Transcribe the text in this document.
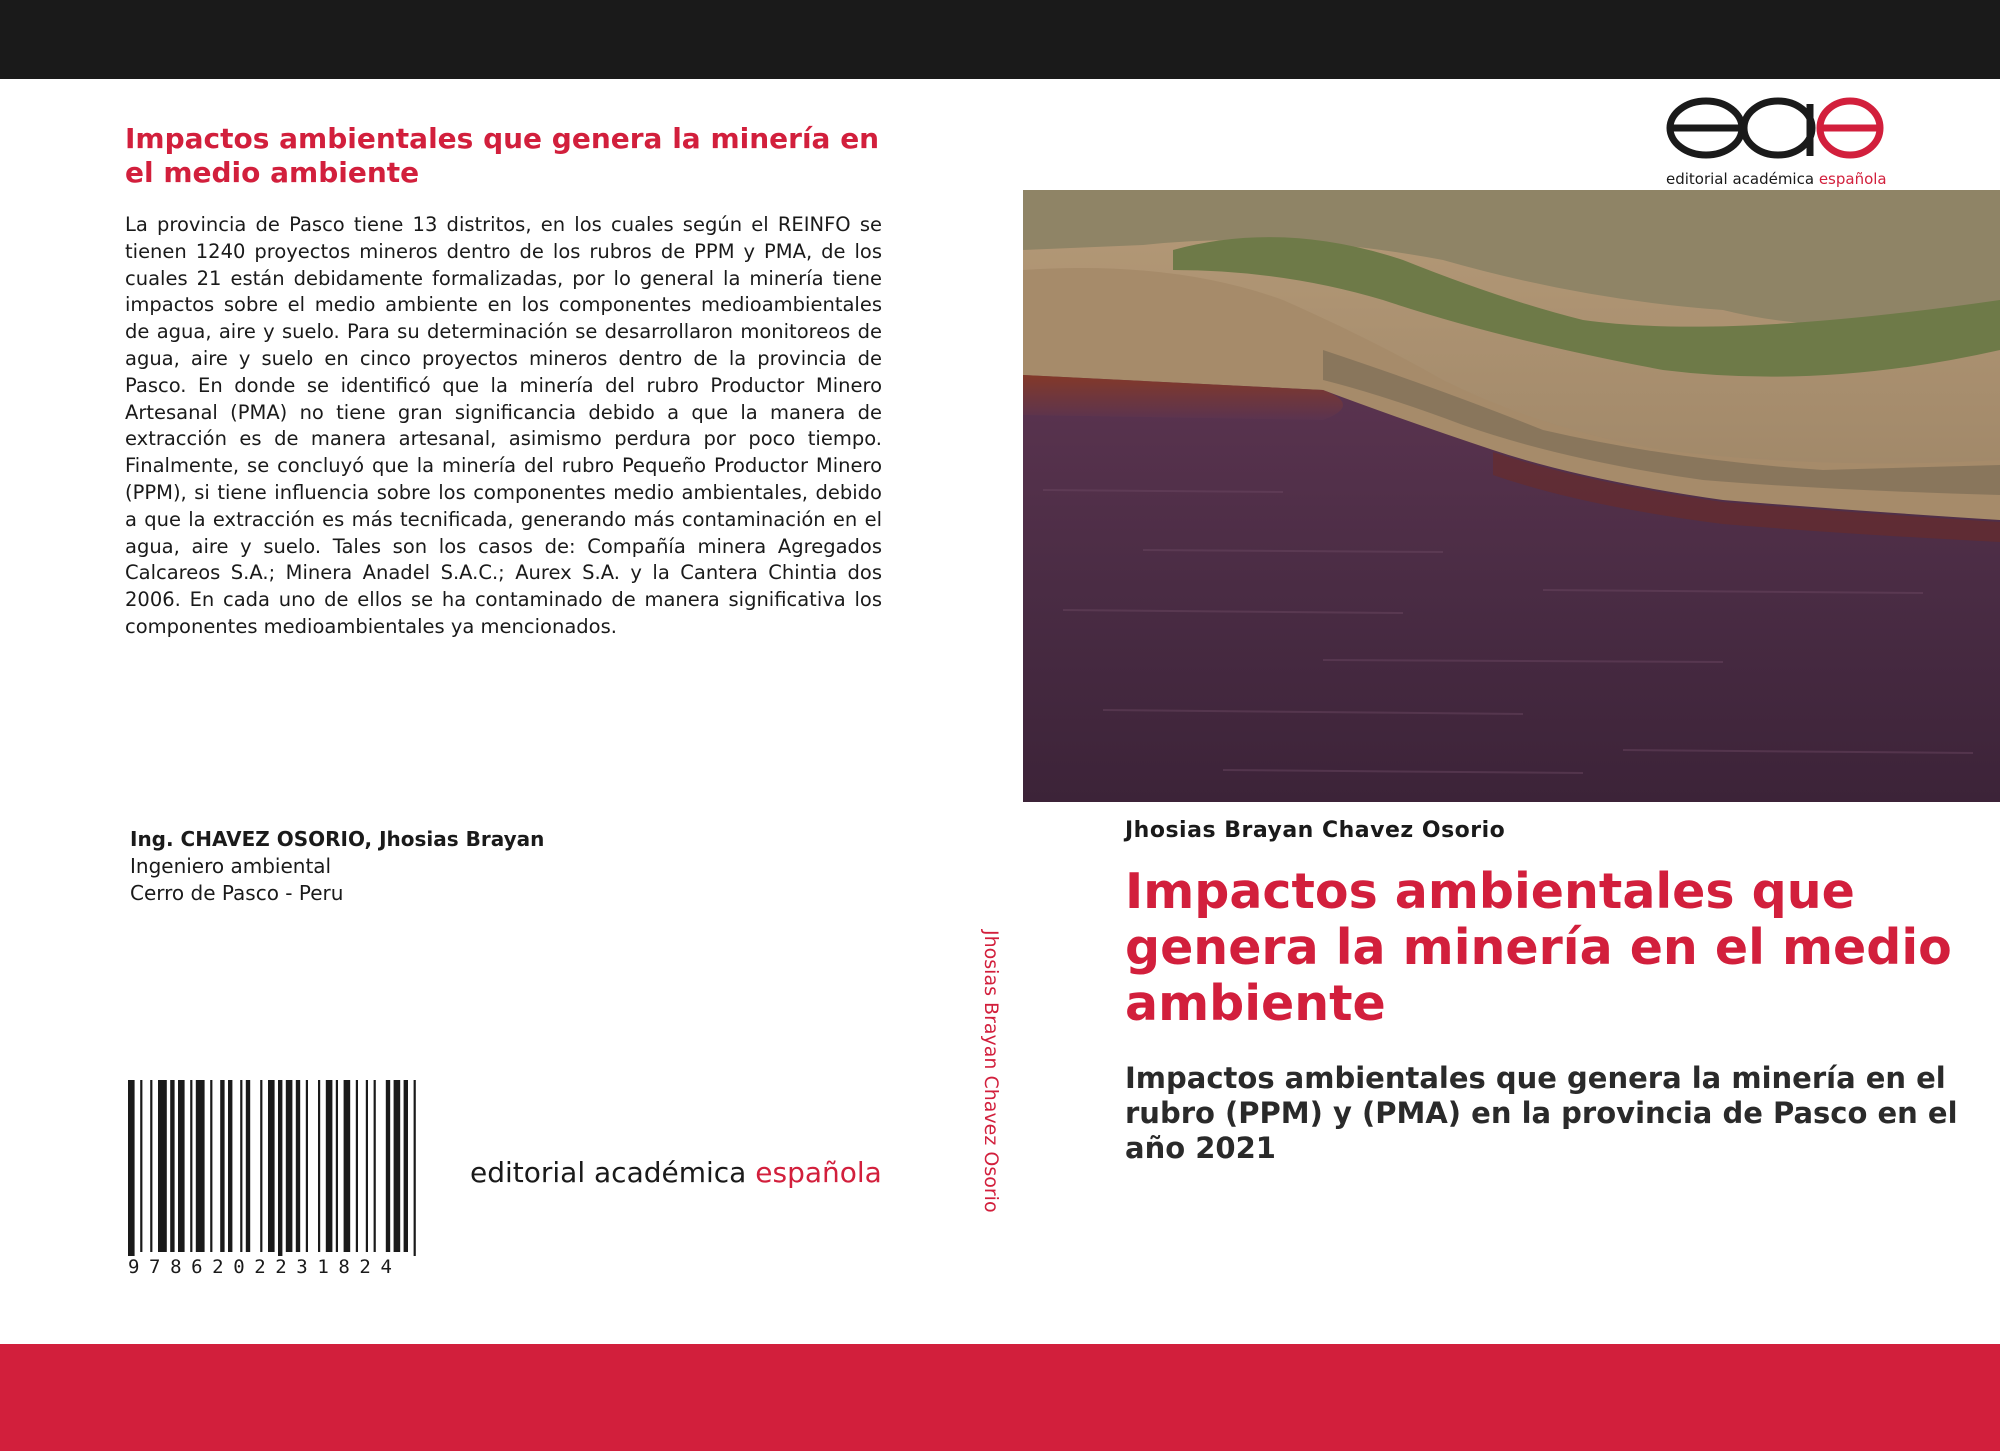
Impactos ambientales que genera la minería en el medio ambiente

La provincia de Pasco tiene 13 distritos, en los cuales según el REINFO se tienen 1240 proyectos mineros dentro de los rubros de PPM y PMA, de los cuales 21 están debidamente formalizadas, por lo general la minería tiene impactos sobre el medio ambiente en los componentes medioambientales de agua, aire y suelo. Para su determinación se desarrollaron monitoreos de agua, aire y suelo en cinco proyectos mineros dentro de la provincia de Pasco. En donde se identificó que la minería del rubro Productor Minero Artesanal (PMA) no tiene gran significancia debido a que la manera de extracción es de manera artesanal, asimismo perdura por poco tiempo. Finalmente, se concluyó que la minería del rubro Pequeño Productor Minero (PPM), si tiene influencia sobre los componentes medio ambientales, debido a que la extracción es más tecnificada, generando más contaminación en el agua, aire y suelo. Tales son los casos de: Compañía minera Agregados Calcareos S.A.; Minera Anadel S.A.C.; Aurex S.A. y la Cantera Chintia dos 2006. En cada uno de ellos se ha contaminado de manera significativa los componentes medioambientales ya mencionados.

Ing. CHAVEZ OSORIO, Jhosias Brayan
Ingeniero ambiental
Cerro de Pasco - Peru
9786202231824
editorial académica española	Jhosias Brayan Chavez Osorio
editorial académica española
Jhosias Brayan Chavez Osorio
Impactos ambientales que genera la minería en el medio ambiente
Impactos ambientales que genera la minería en el rubro (PPM) y (PMA) en la provincia de Pasco en el año 2021
